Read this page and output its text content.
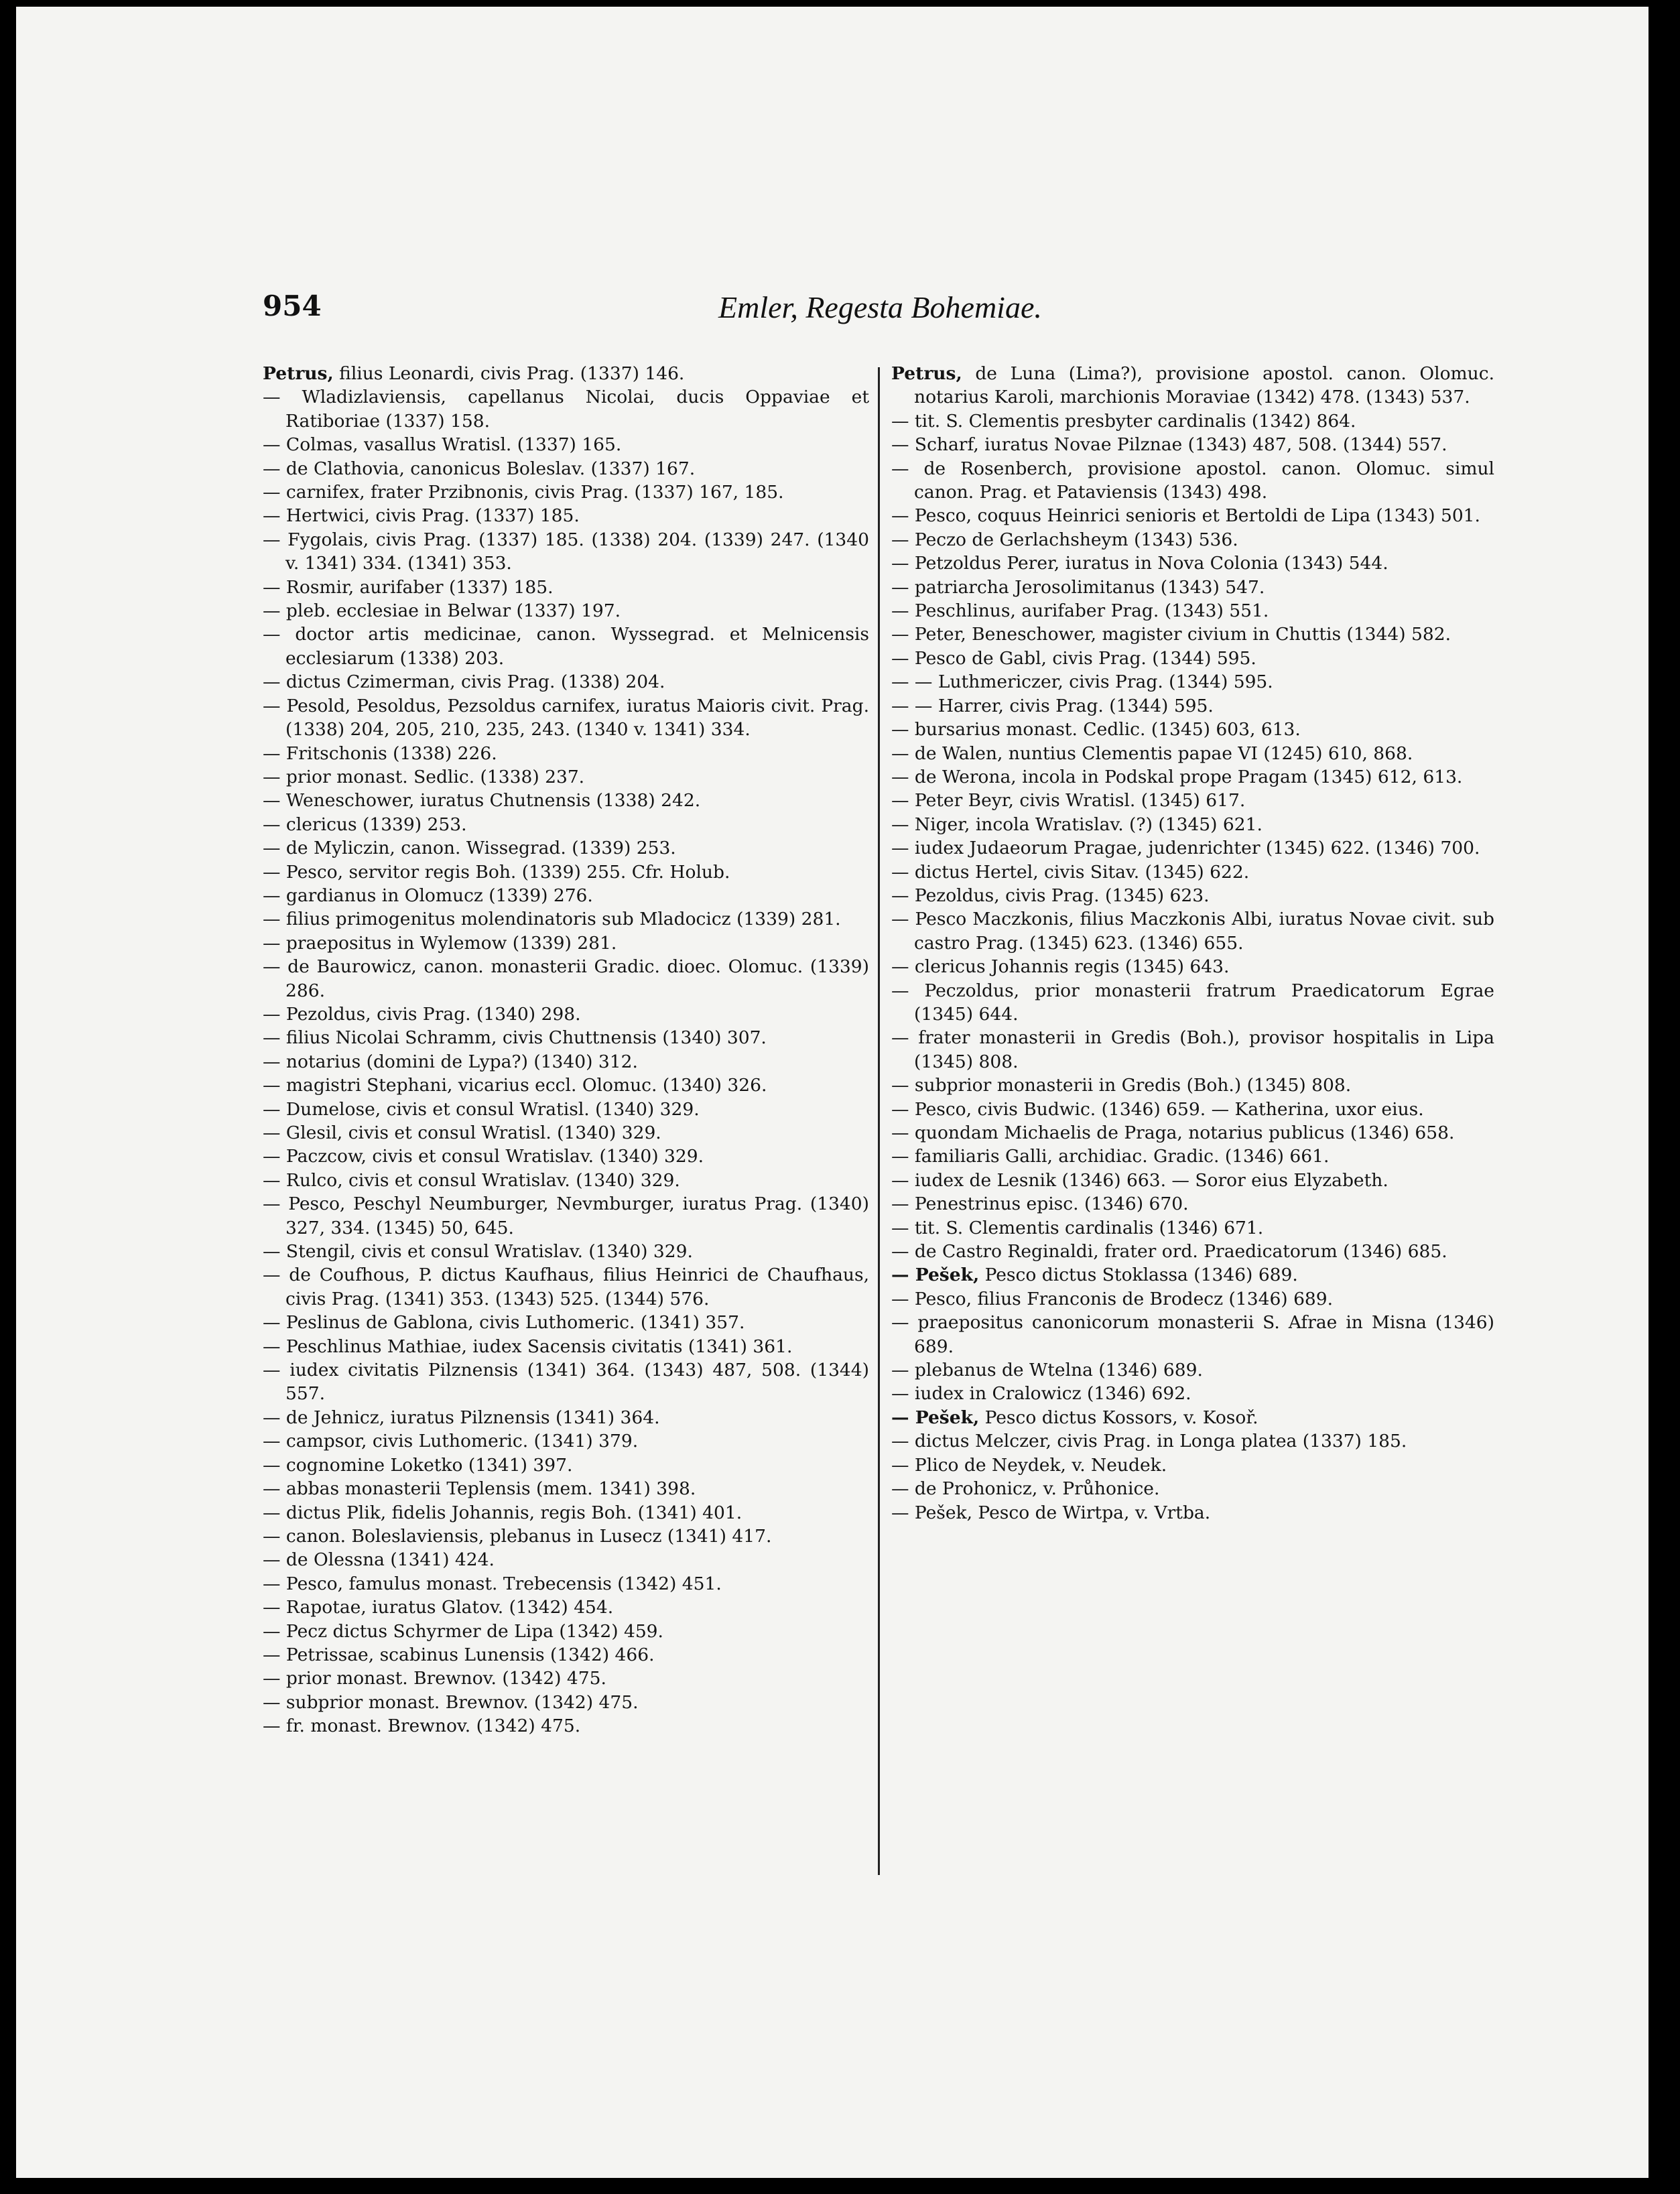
954	Emler, Regesta Bohemiae.

Petrus, filius Leonardi, civis Prag. (1337) 146.

— Wladizlaviensis, capellanus Nicolai, ducis Oppaviae et Ratiboriae (1337) 158.

— Colmas, vasallus Wratisl. (1337) 165.

— de Clathovia, canonicus Boleslav. (1337) 167.

— carnifex, frater Przibnonis, civis Prag. (1337) 167, 185.

— Hertwici, civis Prag. (1337) 185.

— Fygolais, civis Prag. (1337) 185. (1338) 204. (1339) 247. (1340 v. 1341) 334. (1341) 353.

— Rosmir, aurifaber (1337) 185.

— pleb. ecclesiae in Belwar (1337) 197.

— doctor artis medicinae, canon. Wyssegrad. et Melnicensis ecclesiarum (1338) 203.

— dictus Czimerman, civis Prag. (1338) 204.

— Pesold, Pesoldus, Pezsoldus carnifex, iuratus Maioris civit. Prag. (1338) 204, 205, 210, 235, 243. (1340 v. 1341) 334.

— Fritschonis (1338) 226.

— prior monast. Sedlic. (1338) 237.

— Weneschower, iuratus Chutnensis (1338) 242.

— clericus (1339) 253.

— de Myliczin, canon. Wissegrad. (1339) 253.

— Pesco, servitor regis Boh. (1339) 255. Cfr. Holub.

— gardianus in Olomucz (1339) 276.

— filius primogenitus molendinatoris sub Mladocicz (1339) 281.

— praepositus in Wylemow (1339) 281.

— de Baurowicz, canon. monasterii Gradic. dioec. Olomuc. (1339) 286.

— Pezoldus, civis Prag. (1340) 298.

— filius Nicolai Schramm, civis Chuttnensis (1340) 307.

— notarius (domini de Lypa?) (1340) 312.

— magistri Stephani, vicarius eccl. Olomuc. (1340) 326.

— Dumelose, civis et consul Wratisl. (1340) 329.

— Glesil, civis et consul Wratisl. (1340) 329.

— Paczcow, civis et consul Wratislav. (1340) 329.

— Rulco, civis et consul Wratislav. (1340) 329.

— Pesco, Peschyl Neumburger, Nevmburger, iuratus Prag. (1340) 327, 334. (1345) 50, 645.

— Stengil, civis et consul Wratislav. (1340) 329.

— de Coufhous, P. dictus Kaufhaus, filius Heinrici de Chaufhaus, civis Prag. (1341) 353. (1343) 525. (1344) 576.

— Peslinus de Gablona, civis Luthomeric. (1341) 357.

— Peschlinus Mathiae, iudex Sacensis civitatis (1341) 361.

— iudex civitatis Pilznensis (1341) 364. (1343) 487, 508. (1344) 557.

— de Jehnicz, iuratus Pilznensis (1341) 364.

— campsor, civis Luthomeric. (1341) 379.

— cognomine Loketko (1341) 397.

— abbas monasterii Teplensis (mem. 1341) 398.

— dictus Plik, fidelis Johannis, regis Boh. (1341) 401.

— canon. Boleslaviensis, plebanus in Lusecz (1341) 417.

— de Olessna (1341) 424.

— Pesco, famulus monast. Trebecensis (1342) 451.

— Rapotae, iuratus Glatov. (1342) 454.

— Pecz dictus Schyrmer de Lipa (1342) 459.

— Petrissae, scabinus Lunensis (1342) 466.

— prior monast. Brewnov. (1342) 475.

— subprior monast. Brewnov. (1342) 475.

— fr. monast. Brewnov. (1342) 475.

Petrus, de Luna (Lima?), provisione apostol. canon. Olomuc. notarius Karoli, marchionis Moraviae (1342) 478. (1343) 537.

— tit. S. Clementis presbyter cardinalis (1342) 864.

— Scharf, iuratus Novae Pilznae (1343) 487, 508. (1344) 557.

— de Rosenberch, provisione apostol. canon. Olomuc. simul canon. Prag. et Pataviensis (1343) 498.

— Pesco, coquus Heinrici senioris et Bertoldi de Lipa (1343) 501.

— Peczo de Gerlachsheym (1343) 536.

— Petzoldus Perer, iuratus in Nova Colonia (1343) 544.

— patriarcha Jerosolimitanus (1343) 547.

— Peschlinus, aurifaber Prag. (1343) 551.

— Peter, Beneschower, magister civium in Chuttis (1344) 582.

— Pesco de Gabl, civis Prag. (1344) 595.

— — Luthmericzer, civis Prag. (1344) 595.

— — Harrer, civis Prag. (1344) 595.

— bursarius monast. Cedlic. (1345) 603, 613.

— de Walen, nuntius Clementis papae VI (1245) 610, 868.

— de Werona, incola in Podskal prope Pragam (1345) 612, 613.

— Peter Beyr, civis Wratisl. (1345) 617.

— Niger, incola Wratislav. (?) (1345) 621.

— iudex Judaeorum Pragae, judenrichter (1345) 622. (1346) 700.

— dictus Hertel, civis Sitav. (1345) 622.

— Pezoldus, civis Prag. (1345) 623.

— Pesco Maczkonis, filius Maczkonis Albi, iuratus Novae civit. sub castro Prag. (1345) 623. (1346) 655.

— clericus Johannis regis (1345) 643.

— Peczoldus, prior monasterii fratrum Praedicatorum Egrae (1345) 644.

— frater monasterii in Gredis (Boh.), provisor hospitalis in Lipa (1345) 808.

— subprior monasterii in Gredis (Boh.) (1345) 808.

— Pesco, civis Budwic. (1346) 659. — Katherina, uxor eius.

— quondam Michaelis de Praga, notarius publicus (1346) 658.

— familiaris Galli, archidiac. Gradic. (1346) 661.

— iudex de Lesnik (1346) 663. — Soror eius Elyzabeth.

— Penestrinus episc. (1346) 670.

— tit. S. Clementis cardinalis (1346) 671.

— de Castro Reginaldi, frater ord. Praedicatorum (1346) 685.

— Pešek, Pesco dictus Stoklassa (1346) 689.

— Pesco, filius Franconis de Brodecz (1346) 689.

— praepositus canonicorum monasterii S. Afrae in Misna (1346) 689.

— plebanus de Wtelna (1346) 689.

— iudex in Cralowicz (1346) 692.

— Pešek, Pesco dictus Kossors, v. Kosoř.

— dictus Melczer, civis Prag. in Longa platea (1337) 185.

— Plico de Neydek, v. Neudek.

— de Prohonicz, v. Průhonice.

— Pešek, Pesco de Wirtpa, v. Vrtba.
